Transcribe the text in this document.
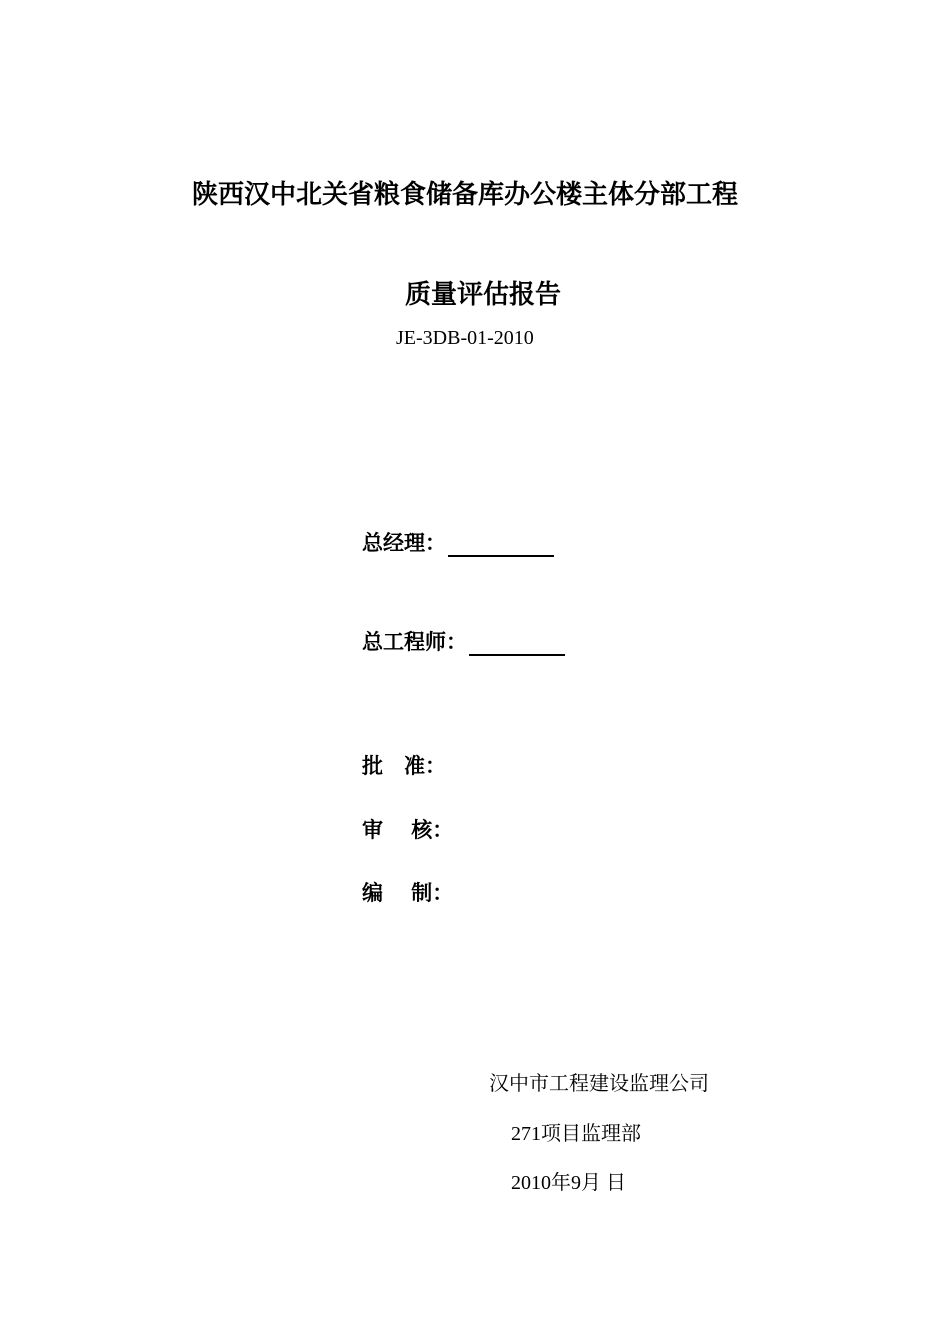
陕西汉中北关省粮食储备库办公楼主体分部工程
质量评估报告
JE-3DB-01-2010
总经理：
总工程师：
批　准：
审　 核：
编　 制：
汉中市工程建设监理公司
271项目监理部
2010年9月 日
